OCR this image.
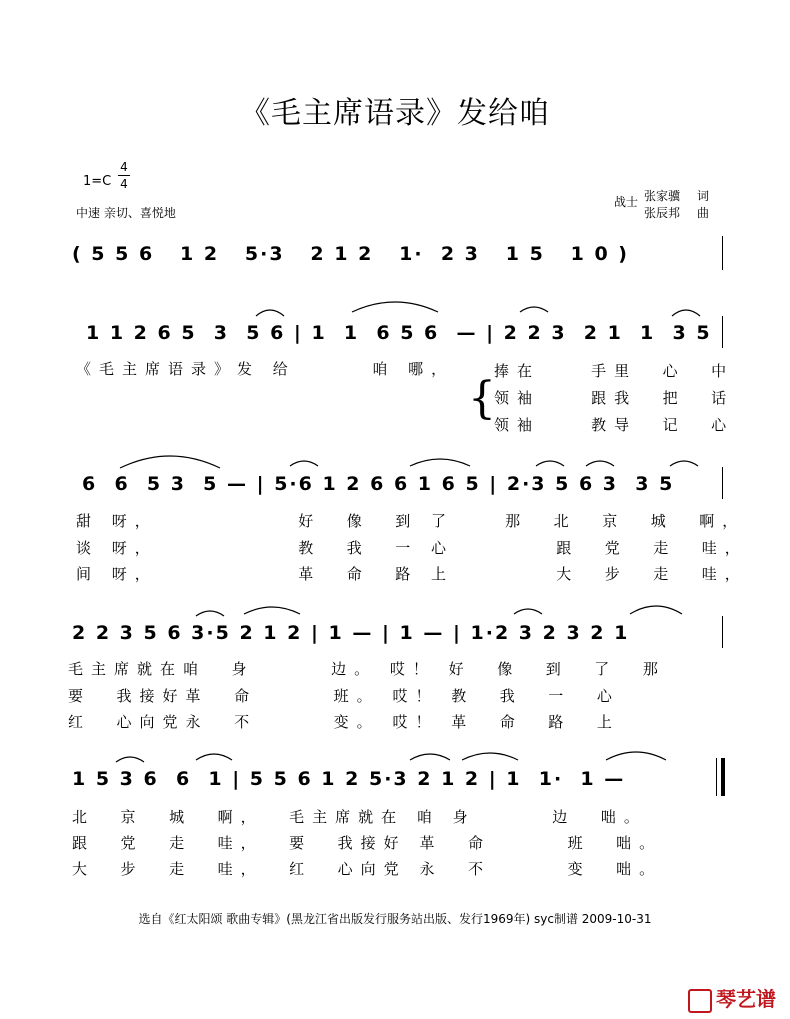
《毛主席语录》发给咱
1=C
4
4
中速 亲切、喜悦地
战士 张家骥 词
张辰邦 曲
( 5 5 6   1 2   5·3   2 1 2   1·  2 3   1 5   1 0 )
1 1 2 6 5  3  5 6 | 1  1  6 5 6  — | 2 2 3  2 1  1  3 5
《毛主席语录》发 给      咱 哪，
{
捧在    手里  心  中
领袖    跟我  把  话
领袖    教导  记  心
6  6  5 3  5 — | 5·6 1 2 6 6 1 6 5 | 2·3 5 6 3  3 5
甜 呀，           好  像  到 了    那  北  京  城  啊，
谈 呀，           教  我  一 心        跟  党  走  哇，
间 呀，           革  命  路 上        大  步  走  哇，
2 2 3 5 6 3·5 2 1 2 | 1 — | 1 — | 1·2 3 2 3 2 1
毛主席就在咱  身      边。 哎！ 好  像  到  了  那
要  我接好革  命      班。 哎！ 教  我  一  心
红  心向党永  不      变。 哎！ 革  命  路  上
1 5 3 6  6  1 | 5 5 6 1 2 5·3 2 1 2 | 1  1·  1 —
北  京  城  啊，  毛主席就在 咱 身      边  咄。
跟  党  走  哇，  要  我接好 革  命      班  咄。
大  步  走  哇，  红  心向党 永  不      变  咄。
选自《红太阳颂 歌曲专辑》(黑龙江省出版发行服务站出版、发行1969年) syc制谱 2009-10-31
琴艺谱
